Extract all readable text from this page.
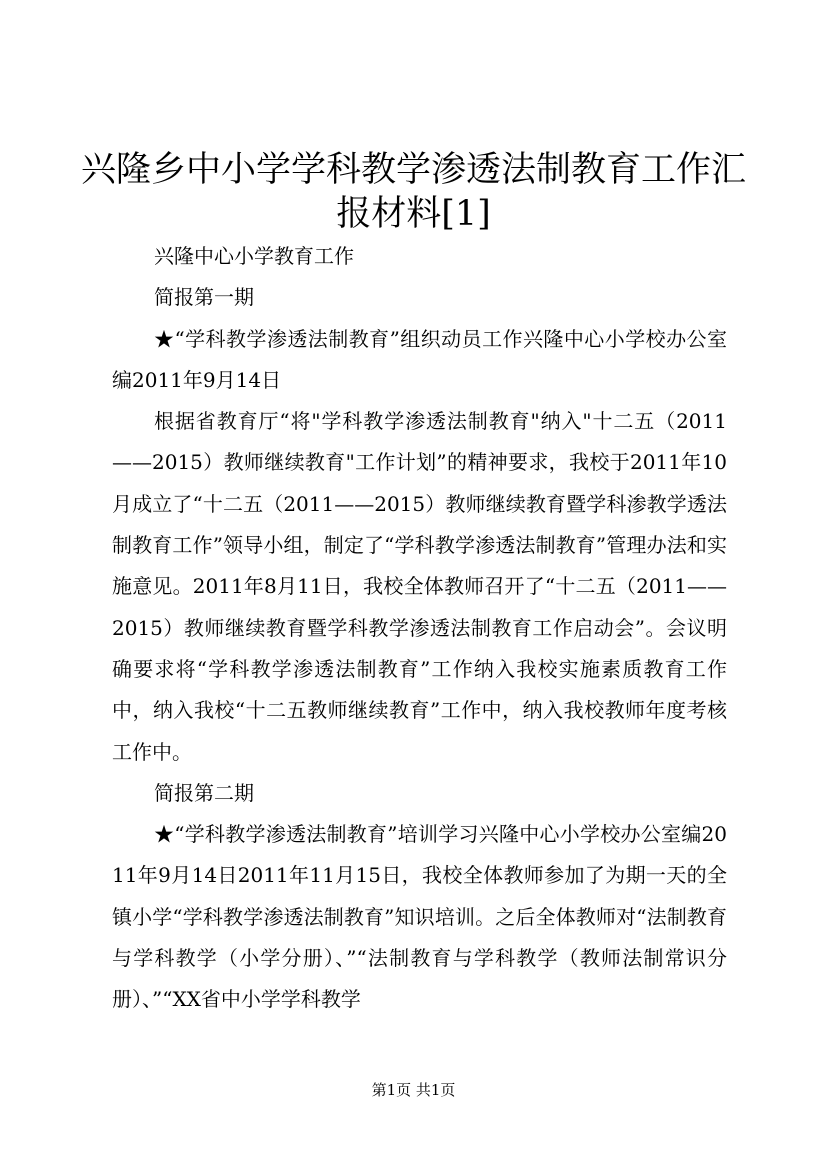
兴隆乡中小学学科教学渗透法制教育工作汇报材料[1]

兴隆中心小学教育工作

简报第一期

★“学科教学渗透法制教育”组织动员工作兴隆中心小学校办公室编2011年9月14日

根据省教育厅“将"学科教学渗透法制教育"纳入"十二五（2011——2015）教师继续教育"工作计划”的精神要求，我校于2011年10月成立了“十二五（2011——2015）教师继续教育暨学科渗教学透法制教育工作”领导小组，制定了“学科教学渗透法制教育”管理办法和实施意见。2011年8月11日，我校全体教师召开了“十二五（2011——2015）教师继续教育暨学科教学渗透法制教育工作启动会”。会议明确要求将“学科教学渗透法制教育”工作纳入我校实施素质教育工作中，纳入我校“十二五教师继续教育”工作中，纳入我校教师年度考核工作中。

简报第二期

★“学科教学渗透法制教育”培训学习兴隆中心小学校办公室编2011年9月14日2011年11月15日，我校全体教师参加了为期一天的全镇小学“学科教学渗透法制教育”知识培训。之后全体教师对“法制教育与学科教学（小学分册）、”“法制教育与学科教学（教师法制常识分册）、”“XX省中小学学科教学

第1页 共1页
